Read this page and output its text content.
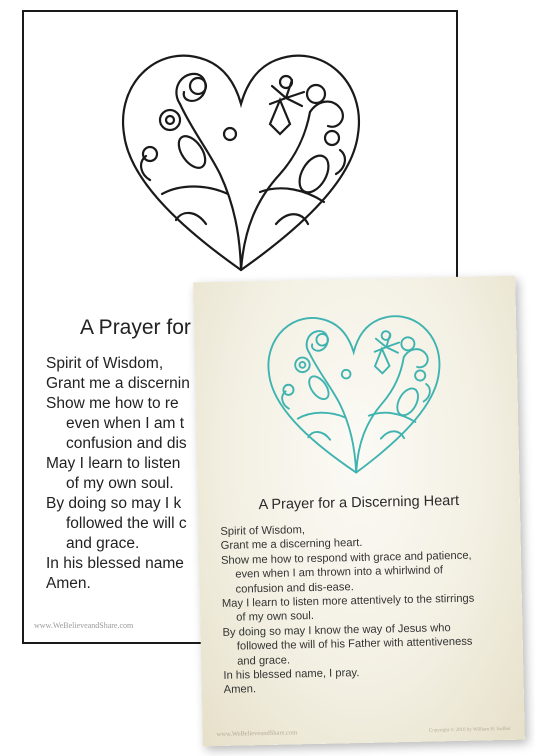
A Prayer for
Spirit of Wisdom,
Grant me a discernin
Show me how to re
even when I am t
confusion and dis
May I learn to listen
of my own soul.
By doing so may I k
followed the will c
and grace.
In his blessed name
Amen.
www.WeBelieveandShare.com
A Prayer for a Discerning Heart
Spirit of Wisdom,
Grant me a discerning heart.
Show me how to respond with grace and patience,
even when I am thrown into a whirlwind of
confusion and dis-ease.
May I learn to listen more attentively to the stirrings
of my own soul.
By doing so may I know the way of Jesus who
followed the will of his Father with attentiveness
and grace.
In his blessed name, I pray.
Amen.
www.WeBelieveandShare.com	Copyright © 2010 by William H. Sadlier
